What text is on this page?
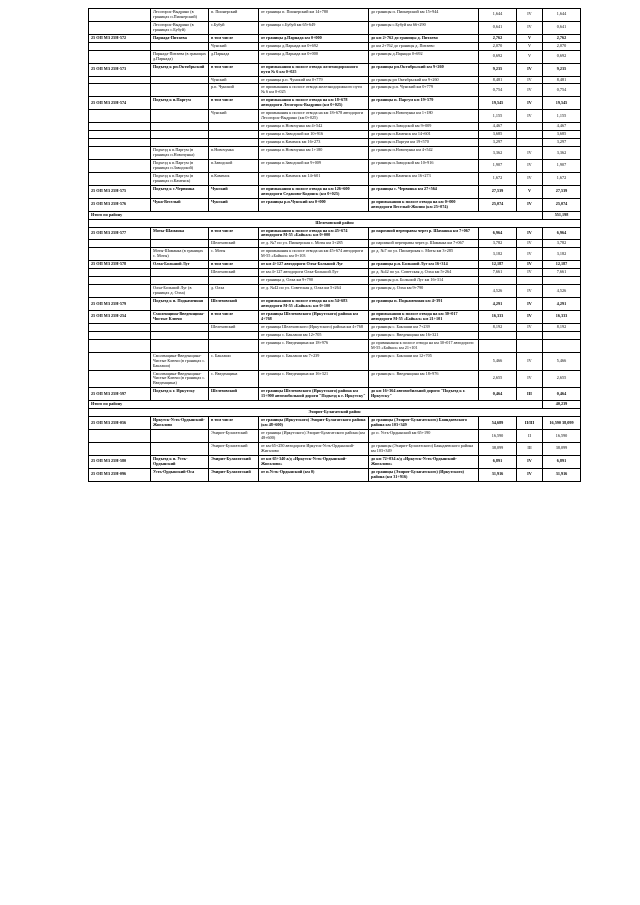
	Лесогорск-Выдрино (в границах п.Пионерский)	п. Пионерский	от границы п. Пионерский км 14+780	до границы п. Пионерский км 15+944	1,644	IV	1,644
	Лесогорск-Выдрино (в границах с.Бубуй)	с.Бубуй	от границы с.Бубуй км 65+649	до границы с.Бубуй км 66+290	0,641	IV	0,641
25 ОП МЗ 25Н-572	Парнада-Питаева	в том числе	от границы д.Парнада км 0+000	до км 2+762 до границы д. Питаево	2,762	V	2,762
		Чунский	от границы д.Парнада км 0+692	до км 2+762 до границы д. Питаево	2,070	V	2,070
	Парнада-Питаева (в границах д.Парнада)	д.Парнада	от границы д.Парнада км 0+000	до границы д.Парнада 0+692	0,692	V	0,692
25 ОП МЗ 25Н-573	Подъезд к рп.Октябрьский	в том числе	от примыкания к полосе отвода железнодорожного пути № 6 км 0+025	до границы рп.Октябрьский км 9+260	9,235	IV	9,235
		Чунский	от границы р.п. Чунский км 0+779	до границы рп Октябрьский км 9+260	8,481	IV	8,481
		р.п. Чунский	от примыкания к полосе отвода железнодорожного пути № 6 км 0+025	до границы р.п. Чунский км 0+779	0,754	IV	0,754
25 ОП МЗ 25Н-574	Подъезд к п.Паргум	в том числе	от примыкания к полосе отвода на км 18+678 автодороги Лесогорск-Выдрино (км 0+025)	до границы п. Паргум км 19+579	19,545	IV	19,545
		Чунский	от примыкания к полосе отвода на км 18+678 автодороги Лесогорск-Выдрино (км 0+025)	до границы п.Новочунка км 1+180	1,155	IV	1,155
			от границы п.Новочунка км 4+542	до границы п.Заводской км 9+009	4,467		4,467
			от границы п.Заводской км 10+916	до границы п.Каменск км 14+601	3,685		3,685
			от границы п.Каменск км 16+273	до границы п.Паргум км 19+570	3,297		3,297
	Подъезд к п.Паргум (в границах п.Новочунка)	п.Новочунка	от границы п.Новочунка км 1+180	до границы п.Новочунка км 4+542	3,362	IV	3,362
	Подъезд к п.Паргум (в границах п.Заводской)	п.Заводской	от границы п.Заводской км 9+009	до границы п.Заводской км 10+916	1,907	IV	1,907
	Подъезд к п.Паргум (в границах п.Каменск)	п.Каменск	от границы п.Каменск км 14+601	до границы п.Каменск км 16+273	1,672	IV	1,672
25 ОП МЗ 25Н-575	Подъезд к с.Червянка	Чунский	от примыкания к полосе отвода на км 126+600 автодороги Седаново-Кодинск (км 0+025)	до границы с. Червянка км 27+564	27,539	V	27,539
25 ОП МЗ 25Н-576	Чуна-Веселый	Чунский	от границы р.п.Чунский км 0+000	до примыкания к полосе отвода на км 0+000 автодороги Веселый-Жилин (км 25+074)	25,074	IV	25,074
Итого по району							551,198
Шелеховский район							
25 ОП МЗ 25Н-577	Моты-Шаманка	в том числе	от примыкания к полосе отвода на км 45+674 автодороги М-55 «Байкал» км 0+000	до паромной переправы через р. Шаманка км 7+067	6,964	IV	6,964
		Шелеховский	от д. №7 по ул. Пионерская с. Моты км 3+285	до паромной переправы через р. Шаманка км 7+067	3,782	IV	3,782
	Моты-Шаманка (в границах с. Моты)	с. Моты	от примыкания к полосе отвода на км 45+674 автодороги М-55 «Байкал» км 0+103	до д. №7 по ул. Пионерская с. Моты км 3+285	3,182	IV	3,182
25 ОП МЗ 25Н-578	Олха-Большой Луг	в том числе	от км 4+127 автодороги Олха-Большой Луг	до границы р.п. Большой Луг км 16+314	12,187	IV	12,187
		Шелеховский	от км 4+127 автодороги Олха-Большой Луг	до д. №42 по ул. Советская д. Олха км 5+264	7,661	IV	7,661
			от границы д. Олха км 9+790	до границы р.п. Большой Луг км 16+314			
	Олха-Большой Луг (в границах д. Олха)	д. Олха	от д. №42 по ул. Советская д. Олха км 5+264	до границы д. Олха км 9+790	4,526	IV	4,526
25 ОП МЗ 25Н-579	Подъезд к п. Подкаменная	Шелеховский	от примыкания к полосе отвода на км 54+683 автодороги М-55 «Байкал» км 0+100	до границы п. Подкаменная км 4+391	4,291	IV	4,291
25 ОП МЗ 25Н-254	Смоленщина-Введенщина-Чистые Ключи	в том числе	от границы Шелеховского (Иркутского) района км 4+768	до примыкания к полосе отвода на км 30+017 автодороги М-55 «Байкал» км 21+101	16,333	IV	16,333
		Шелеховский	от границы Шелеховского (Иркутского) района км 4+768	до границы с. Баклаши км 7+239	8,192	IV	8,192
			от границы с. Баклаши км 12+705	до границы с. Введенщина км 16+321			
			от границы с. Введенщина км 18+976	до примыкания к полосе отвода на км 30+017 автодороги М-55 «Байкал» км 21+101			
	Смоленщина-Введенщина-Чистые Ключи (в границах с. Баклаши)	с. Баклаши	от границы с. Баклаши км 7+239	до границы с. Баклаши км 12+705	5,466	IV	5,466
	Смоленщина-Введенщина-Чистые Ключи (в границах с. Введенщина)	с. Введенщина	от границы с. Введенщина км 16+321	до границы с. Введенщина км 18+976	2,655	IV	2,655
25 ОП МЗ 25Н-597	Подъезд к г. Иркутску	Шелеховский	от границы Шелеховского (Иркутского) района км 15+900 автомобильной дороги "Подъезд к г. Иркутску"	до км 16+364 автомобильной дороги "Подъезд к г. Иркутску"	0,464	III	0,464
Итого по району							40,239
Эхирит-Булагатский район							
25 ОП МЗ 25Н-056	Иркутск-Усть-Ордынский-Жигалово	в том числе	от границы (Иркутского) Эхирит-Булагатского района (км 48+600)	до границы (Эхирит-Булагатского) Баяндаевского района км 103+349	54,689	II/III	16,590 38,099
		Эхирит-Булагатский	от границы (Иркутского) Эхирит-Булагатского района (км 48+600)	до п. Усть-Ордынский км 65+190	16,590	II	16,590
		Эхирит-Булагатский	от км 65+250 автодороги Иркутск-Усть-Ордынский-Жигалово	до границы (Эхирит-Булагатского) Баяндаевского района км 103+349	38,099	III	38,099
25 ОП МЗ 25Н-580	Подъезд к п. Усть-Ордынский	Эхирит-Булагатский	от км 65+340 а/д «Иркутск-Усть-Ордынский-Жигалово»	до км 72+034 а/д «Иркутск-Усть-Ордынский-Жигалово»	6,891	IV	6,891
25 ОП МЗ 25Н-096	Усть-Ордынский-Оса	Эхирит-Булагатский	от п.Усть-Ордынский (км 0)	до границы (Эхирит-Булагатского) (Иркутского) района (км 31+916)	31,916	IV	31,916
